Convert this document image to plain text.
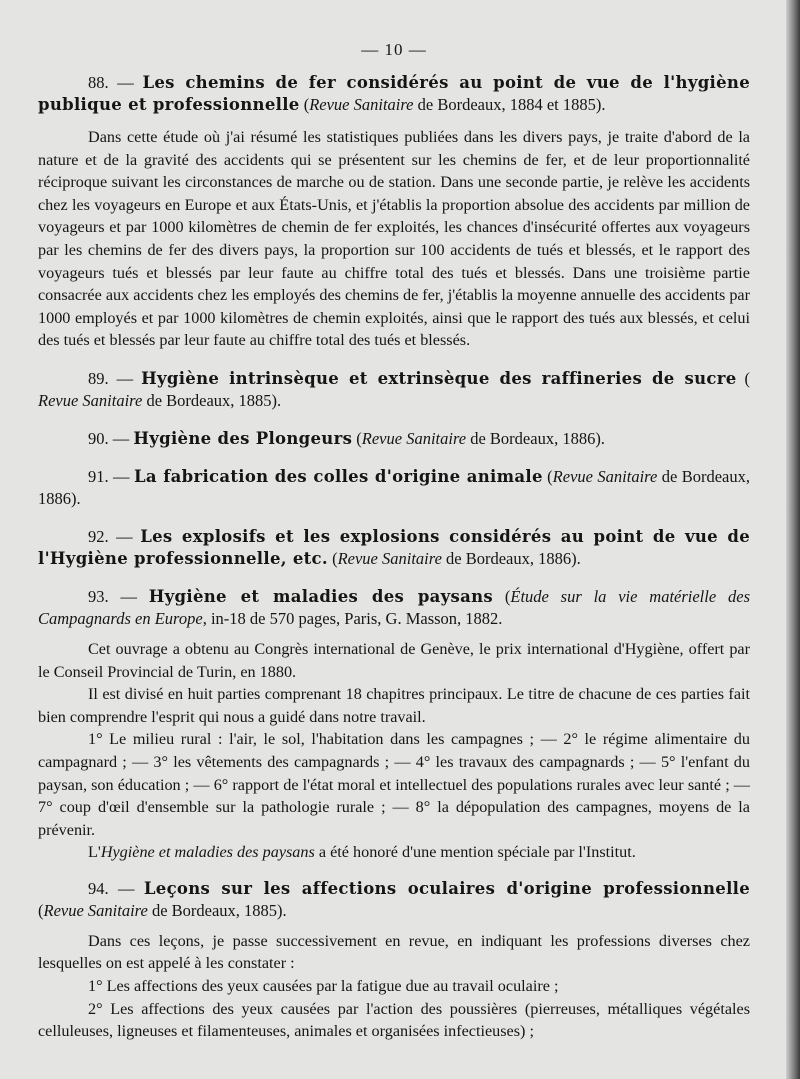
— 10 —
88. — Les chemins de fer considérés au point de vue de l'hygiène publique et professionnelle (Revue Sanitaire de Bordeaux, 1884 et 1885).

Dans cette étude où j'ai résumé les statistiques publiées dans les divers pays, je traite d'abord de la nature et de la gravité des accidents qui se présentent sur les chemins de fer, et de leur proportionnalité réciproque suivant les circonstances de marche ou de station. Dans une seconde partie, je relève les accidents chez les voyageurs en Europe et aux États-Unis, et j'établis la proportion absolue des accidents par million de voyageurs et par 1000 kilomètres de chemin de fer exploités, les chances d'insécurité offertes aux voyageurs par les chemins de fer des divers pays, la proportion sur 100 accidents de tués et blessés, et le rapport des voyageurs tués et blessés par leur faute au chiffre total des tués et blessés. Dans une troisième partie consacrée aux accidents chez les employés des chemins de fer, j'établis la moyenne annuelle des accidents par 1000 employés et par 1000 kilomètres de chemin exploités, ainsi que le rapport des tués aux blessés, et celui des tués et blessés par leur faute au chiffre total des tués et blessés.

89. — Hygiène intrinsèque et extrinsèque des raffineries de sucre ( Revue Sanitaire de Bordeaux, 1885).
90. — Hygiène des Plongeurs (Revue Sanitaire de Bordeaux, 1886).
91. — La fabrication des colles d'origine animale (Revue Sanitaire de Bordeaux, 1886).
92. — Les explosifs et les explosions considérés au point de vue de l'Hygiène professionnelle, etc. (Revue Sanitaire de Bordeaux, 1886).
93. — Hygiène et maladies des paysans (Étude sur la vie matérielle des Campagnards en Europe, in-18 de 570 pages, Paris, G. Masson, 1882.

Cet ouvrage a obtenu au Congrès international de Genève, le prix international d'Hygiène, offert par le Conseil Provincial de Turin, en 1880.

Il est divisé en huit parties comprenant 18 chapitres principaux. Le titre de chacune de ces parties fait bien comprendre l'esprit qui nous a guidé dans notre travail.

1° Le milieu rural : l'air, le sol, l'habitation dans les campagnes ; — 2° le régime alimentaire du campagnard ; — 3° les vêtements des campagnards ; — 4° les travaux des campagnards ; — 5° l'enfant du paysan, son éducation ; — 6° rapport de l'état moral et intellectuel des populations rurales avec leur santé ; — 7° coup d'œil d'ensemble sur la pathologie rurale ; — 8° la dépopulation des campagnes, moyens de la prévenir.

L'Hygiène et maladies des paysans a été honoré d'une mention spéciale par l'Institut.

94. — Leçons sur les affections oculaires d'origine professionnelle (Revue Sanitaire de Bordeaux, 1885).

Dans ces leçons, je passe successivement en revue, en indiquant les professions diverses chez lesquelles on est appelé à les constater :

1° Les affections des yeux causées par la fatigue due au travail oculaire ;

2° Les affections des yeux causées par l'action des poussières (pierreuses, métalliques végétales celluleuses, ligneuses et filamenteuses, animales et organisées infectieuses) ;
